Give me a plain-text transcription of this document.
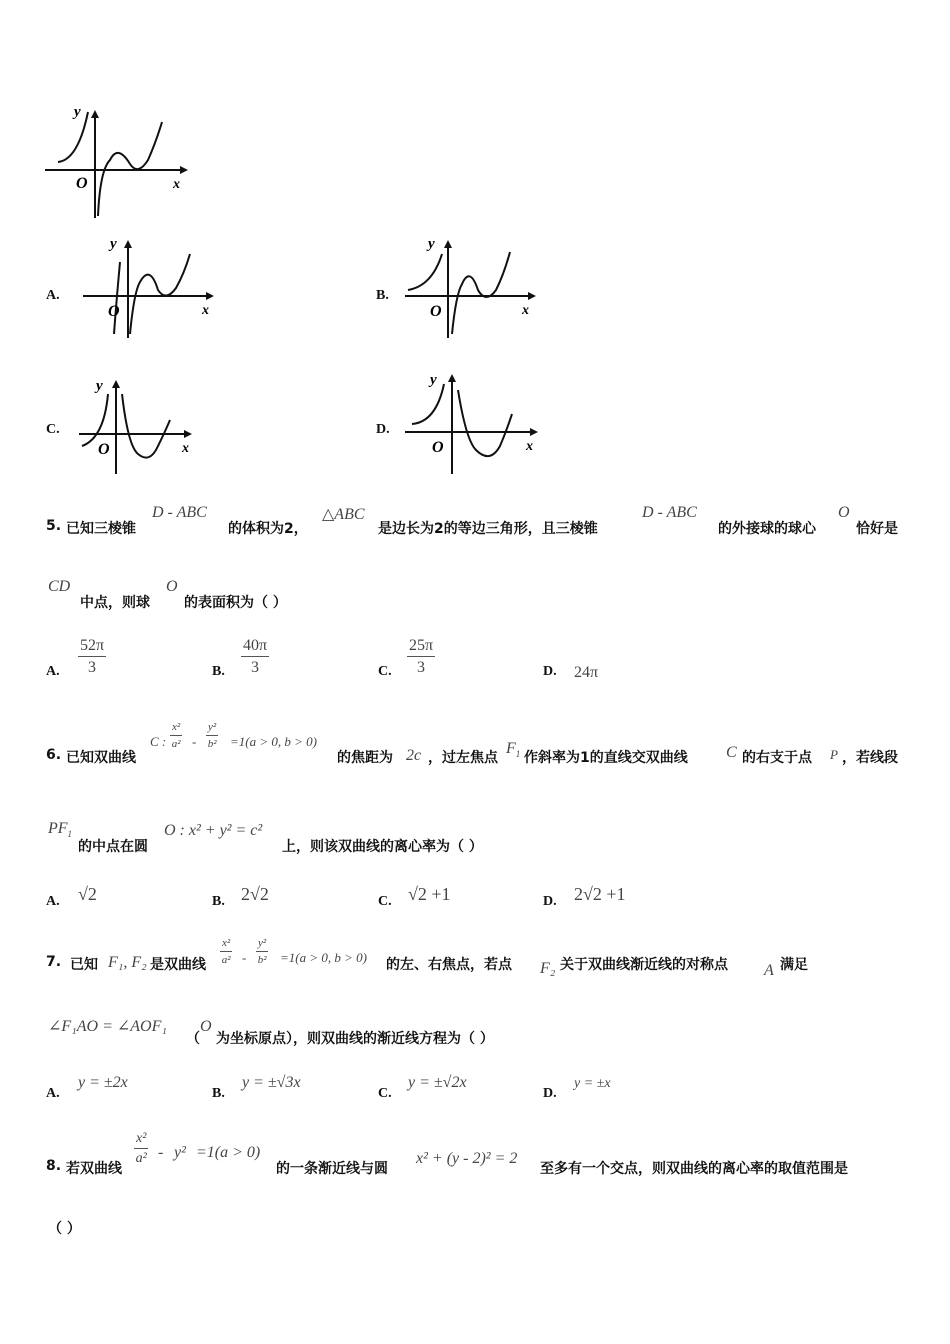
y
O	x
A.
y
O	x
B.
y
O	x
C.
y
O	x
D.
y
O	x
5. 已知三棱锥
D - ABC
的体积为2，
△ABC
是边长为2的等边三角形，且三棱锥
D - ABC
的外接球的球心
O
恰好是
CD
中点，则球
O
的表面积为（ ）
A. $\frac{52\pi}{3}$	B. $\frac{40\pi}{3}$	C. $\frac{25\pi}{3}$	D. 24π
6. 已知双曲线
C : $\frac{\text{x²}}{\text{a²}} - \frac{\text{y²}}{\text{b²}} =1(a > 0$, b > 0)
的焦距为 2c ，过左焦点
$F_1$ 作斜率为1的直线交双曲线 C 的右支于点 P ，若线段
$PF_1$
的中点在圆
O : x² + y² = c²
上，则该双曲线的离心率为（ ）
A. √2	B. 2√2	C. √2 +1	D. 2√2 +1
7. 已知 F₁, F₂ 是双曲线 $\frac{\text{x²}}{\text{a²}} - \frac{\text{y²}}{\text{b²}} =1(a > 0$, b > 0) 的左、右焦点，若点 F₂ 关于双曲线渐近线的对称点 A 满足
∠F₁AO = ∠AOF₁
（
O
为坐标原点），则双曲线的渐近线方程为（ ）
A.
y = ±2x
B.
y = ±√3x
C.
y = ±√2x
D.
y = ±x
8. 若双曲线
$\frac{\text{x²}}{\text{a²}} - y^2 =1(a > 0)$
的一条渐近线与圆
x² + (y - 2)² = 2
至多有一个交点，则双曲线的离心率的取值范围是
（ ）
